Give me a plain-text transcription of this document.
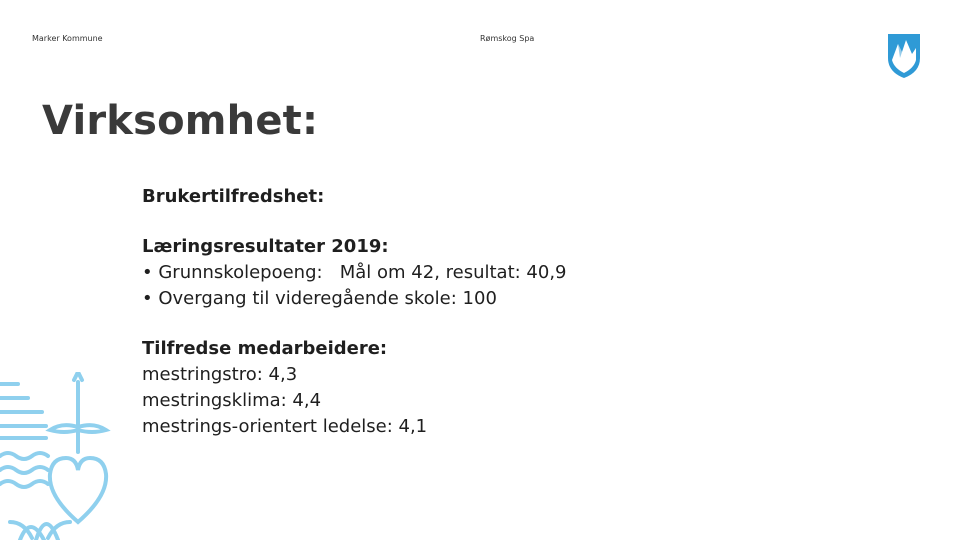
Marker Kommune	Rømskog Spa
Virksomhet:
Brukertilfredshet:
Læringsresultater 2019:
• Grunnskolepoeng:   Mål om 42, resultat: 40,9
• Overgang til videregående skole: 100
Tilfredse medarbeidere:
mestringstro: 4,3
mestringsklima: 4,4
mestrings-orientert ledelse: 4,1
